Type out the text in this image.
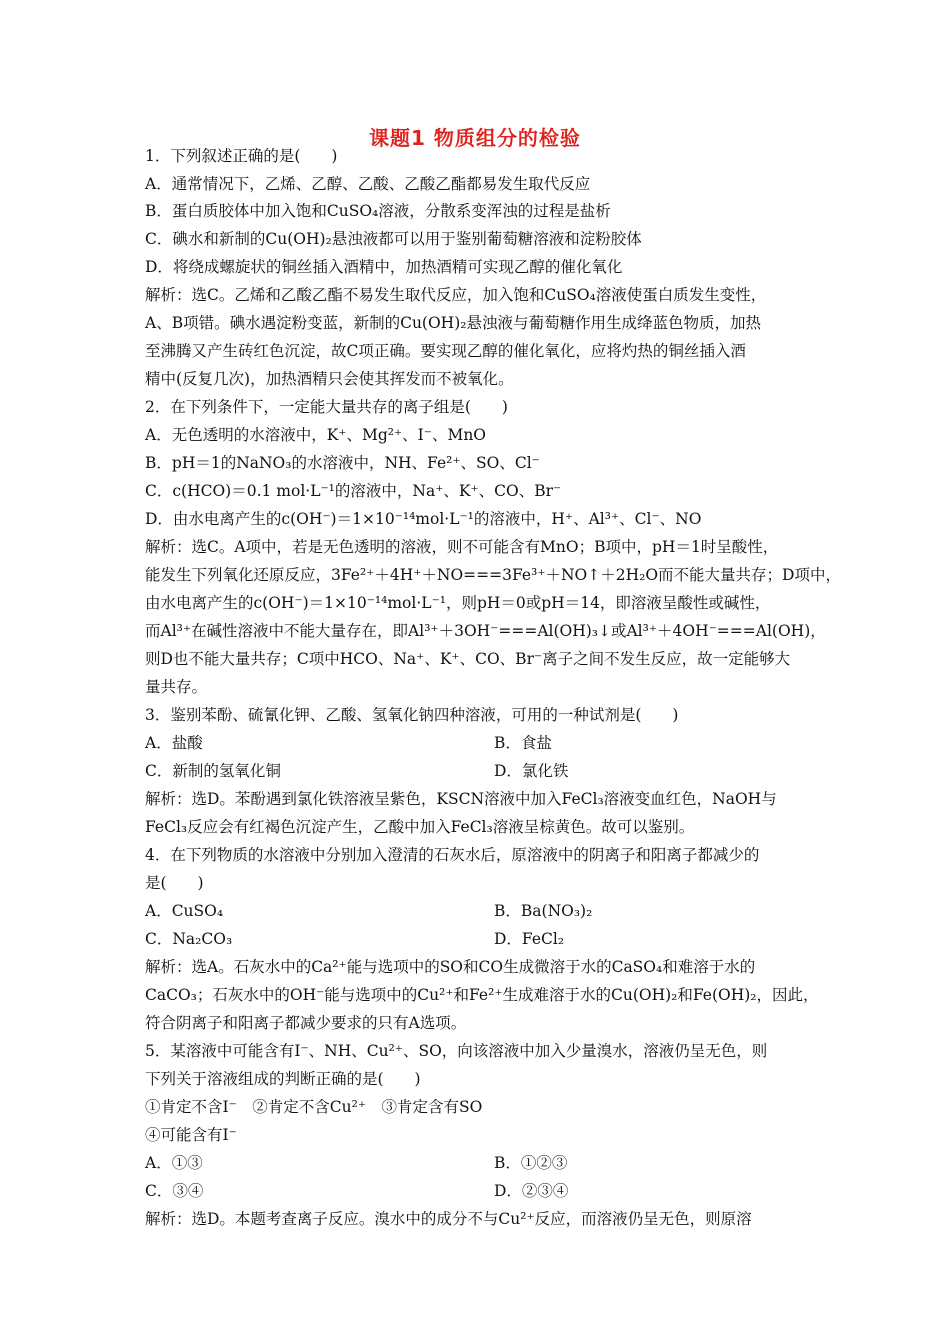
课题1 物质组分的检验
1．下列叙述正确的是(　　)
A．通常情况下，乙烯、乙醇、乙酸、乙酸乙酯都易发生取代反应
B．蛋白质胶体中加入饱和CuSO₄溶液，分散系变浑浊的过程是盐析
C．碘水和新制的Cu(OH)₂悬浊液都可以用于鉴别葡萄糖溶液和淀粉胶体
D．将绕成螺旋状的铜丝插入酒精中，加热酒精可实现乙醇的催化氧化
解析：选C。乙烯和乙酸乙酯不易发生取代反应，加入饱和CuSO₄溶液使蛋白质发生变性，
A、B项错。碘水遇淀粉变蓝，新制的Cu(OH)₂悬浊液与葡萄糖作用生成绛蓝色物质，加热
至沸腾又产生砖红色沉淀，故C项正确。要实现乙醇的催化氧化，应将灼热的铜丝插入酒
精中(反复几次)，加热酒精只会使其挥发而不被氧化。
2．在下列条件下，一定能大量共存的离子组是(　　)
A．无色透明的水溶液中，K⁺、Mg²⁺、I⁻、MnO
B．pH＝1的NaNO₃的水溶液中，NH、Fe²⁺、SO、Cl⁻
C．c(HCO)＝0.1 mol·L⁻¹的溶液中，Na⁺、K⁺、CO、Br⁻
D．由水电离产生的c(OH⁻)＝1×10⁻¹⁴mol·L⁻¹的溶液中，H⁺、Al³⁺、Cl⁻、NO
解析：选C。A项中，若是无色透明的溶液，则不可能含有MnO；B项中，pH＝1时呈酸性，
能发生下列氧化还原反应，3Fe²⁺＋4H⁺＋NO===3Fe³⁺＋NO↑＋2H₂O而不能大量共存；D项中，
由水电离产生的c(OH⁻)＝1×10⁻¹⁴mol·L⁻¹，则pH＝0或pH＝14，即溶液呈酸性或碱性，
而Al³⁺在碱性溶液中不能大量存在，即Al³⁺＋3OH⁻===Al(OH)₃↓或Al³⁺＋4OH⁻===Al(OH)，
则D也不能大量共存；C项中HCO、Na⁺、K⁺、CO、Br⁻离子之间不发生反应，故一定能够大
量共存。
3．鉴别苯酚、硫氰化钾、乙酸、氢氧化钠四种溶液，可用的一种试剂是(　　)
A．盐酸	B．食盐
C．新制的氢氧化铜	D．氯化铁
解析：选D。苯酚遇到氯化铁溶液呈紫色，KSCN溶液中加入FeCl₃溶液变血红色，NaOH与
FeCl₃反应会有红褐色沉淀产生，乙酸中加入FeCl₃溶液呈棕黄色。故可以鉴别。
4．在下列物质的水溶液中分别加入澄清的石灰水后，原溶液中的阴离子和阳离子都减少的
是(　　)
A．CuSO₄	B．Ba(NO₃)₂
C．Na₂CO₃	D．FeCl₂
解析：选A。石灰水中的Ca²⁺能与选项中的SO和CO生成微溶于水的CaSO₄和难溶于水的
CaCO₃；石灰水中的OH⁻能与选项中的Cu²⁺和Fe²⁺生成难溶于水的Cu(OH)₂和Fe(OH)₂，因此，
符合阴离子和阳离子都减少要求的只有A选项。
5．某溶液中可能含有I⁻、NH、Cu²⁺、SO，向该溶液中加入少量溴水，溶液仍呈无色，则
下列关于溶液组成的判断正确的是(　　)
①肯定不含I⁻　②肯定不含Cu²⁺　③肯定含有SO
④可能含有I⁻
A．①③	B．①②③
C．③④	D．②③④
解析：选D。本题考查离子反应。溴水中的成分不与Cu²⁺反应，而溶液仍呈无色，则原溶
